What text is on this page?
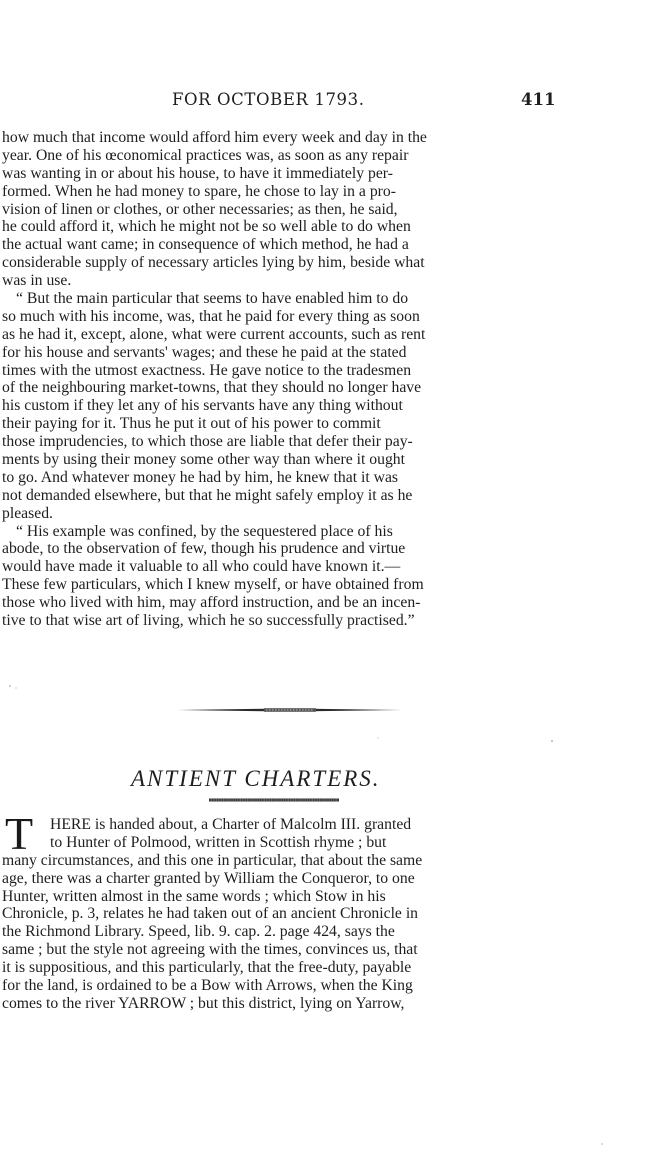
FOR OCTOBER 1793.	411
how much that income would afford him every week and day in the
year. One of his œconomical practices was, as soon as any repair
was wanting in or about his house, to have it immediately per-
formed. When he had money to spare, he chose to lay in a pro-
vision of linen or clothes, or other necessaries; as then, he said,
he could afford it, which he might not be so well able to do when
the actual want came; in consequence of which method, he had a
considerable supply of necessary articles lying by him, beside what
was in use.
“ But the main particular that seems to have enabled him to do
so much with his income, was, that he paid for every thing as soon
as he had it, except, alone, what were current accounts, such as rent
for his house and servants' wages; and these he paid at the stated
times with the utmost exactness. He gave notice to the tradesmen
of the neighbouring market-towns, that they should no longer have
his custom if they let any of his servants have any thing without
their paying for it. Thus he put it out of his power to commit
those imprudencies, to which those are liable that defer their pay-
ments by using their money some other way than where it ought
to go. And whatever money he had by him, he knew that it was
not demanded elsewhere, but that he might safely employ it as he
pleased.
“ His example was confined, by the sequestered place of his
abode, to the observation of few, though his prudence and virtue
would have made it valuable to all who could have known it.—
These few particulars, which I knew myself, or have obtained from
those who lived with him, may afford instruction, and be an incen-
tive to that wise art of living, which he so successfully practised.”
ANTIENT CHARTERS.
T	HERE is handed about, a Charter of Malcolm III. granted
to Hunter of Polmood, written in Scottish rhyme ; but
many circumstances, and this one in particular, that about the same
age, there was a charter granted by William the Conqueror, to one
Hunter, written almost in the same words ; which Stow in his
Chronicle, p. 3, relates he had taken out of an ancient Chronicle in
the Richmond Library. Speed, lib. 9. cap. 2. page 424, says the
same ; but the style not agreeing with the times, convinces us, that
it is suppositious, and this particularly, that the free-duty, payable
for the land, is ordained to be a Bow with Arrows, when the King
comes to the river YARROW ; but this district, lying on Yarrow,
